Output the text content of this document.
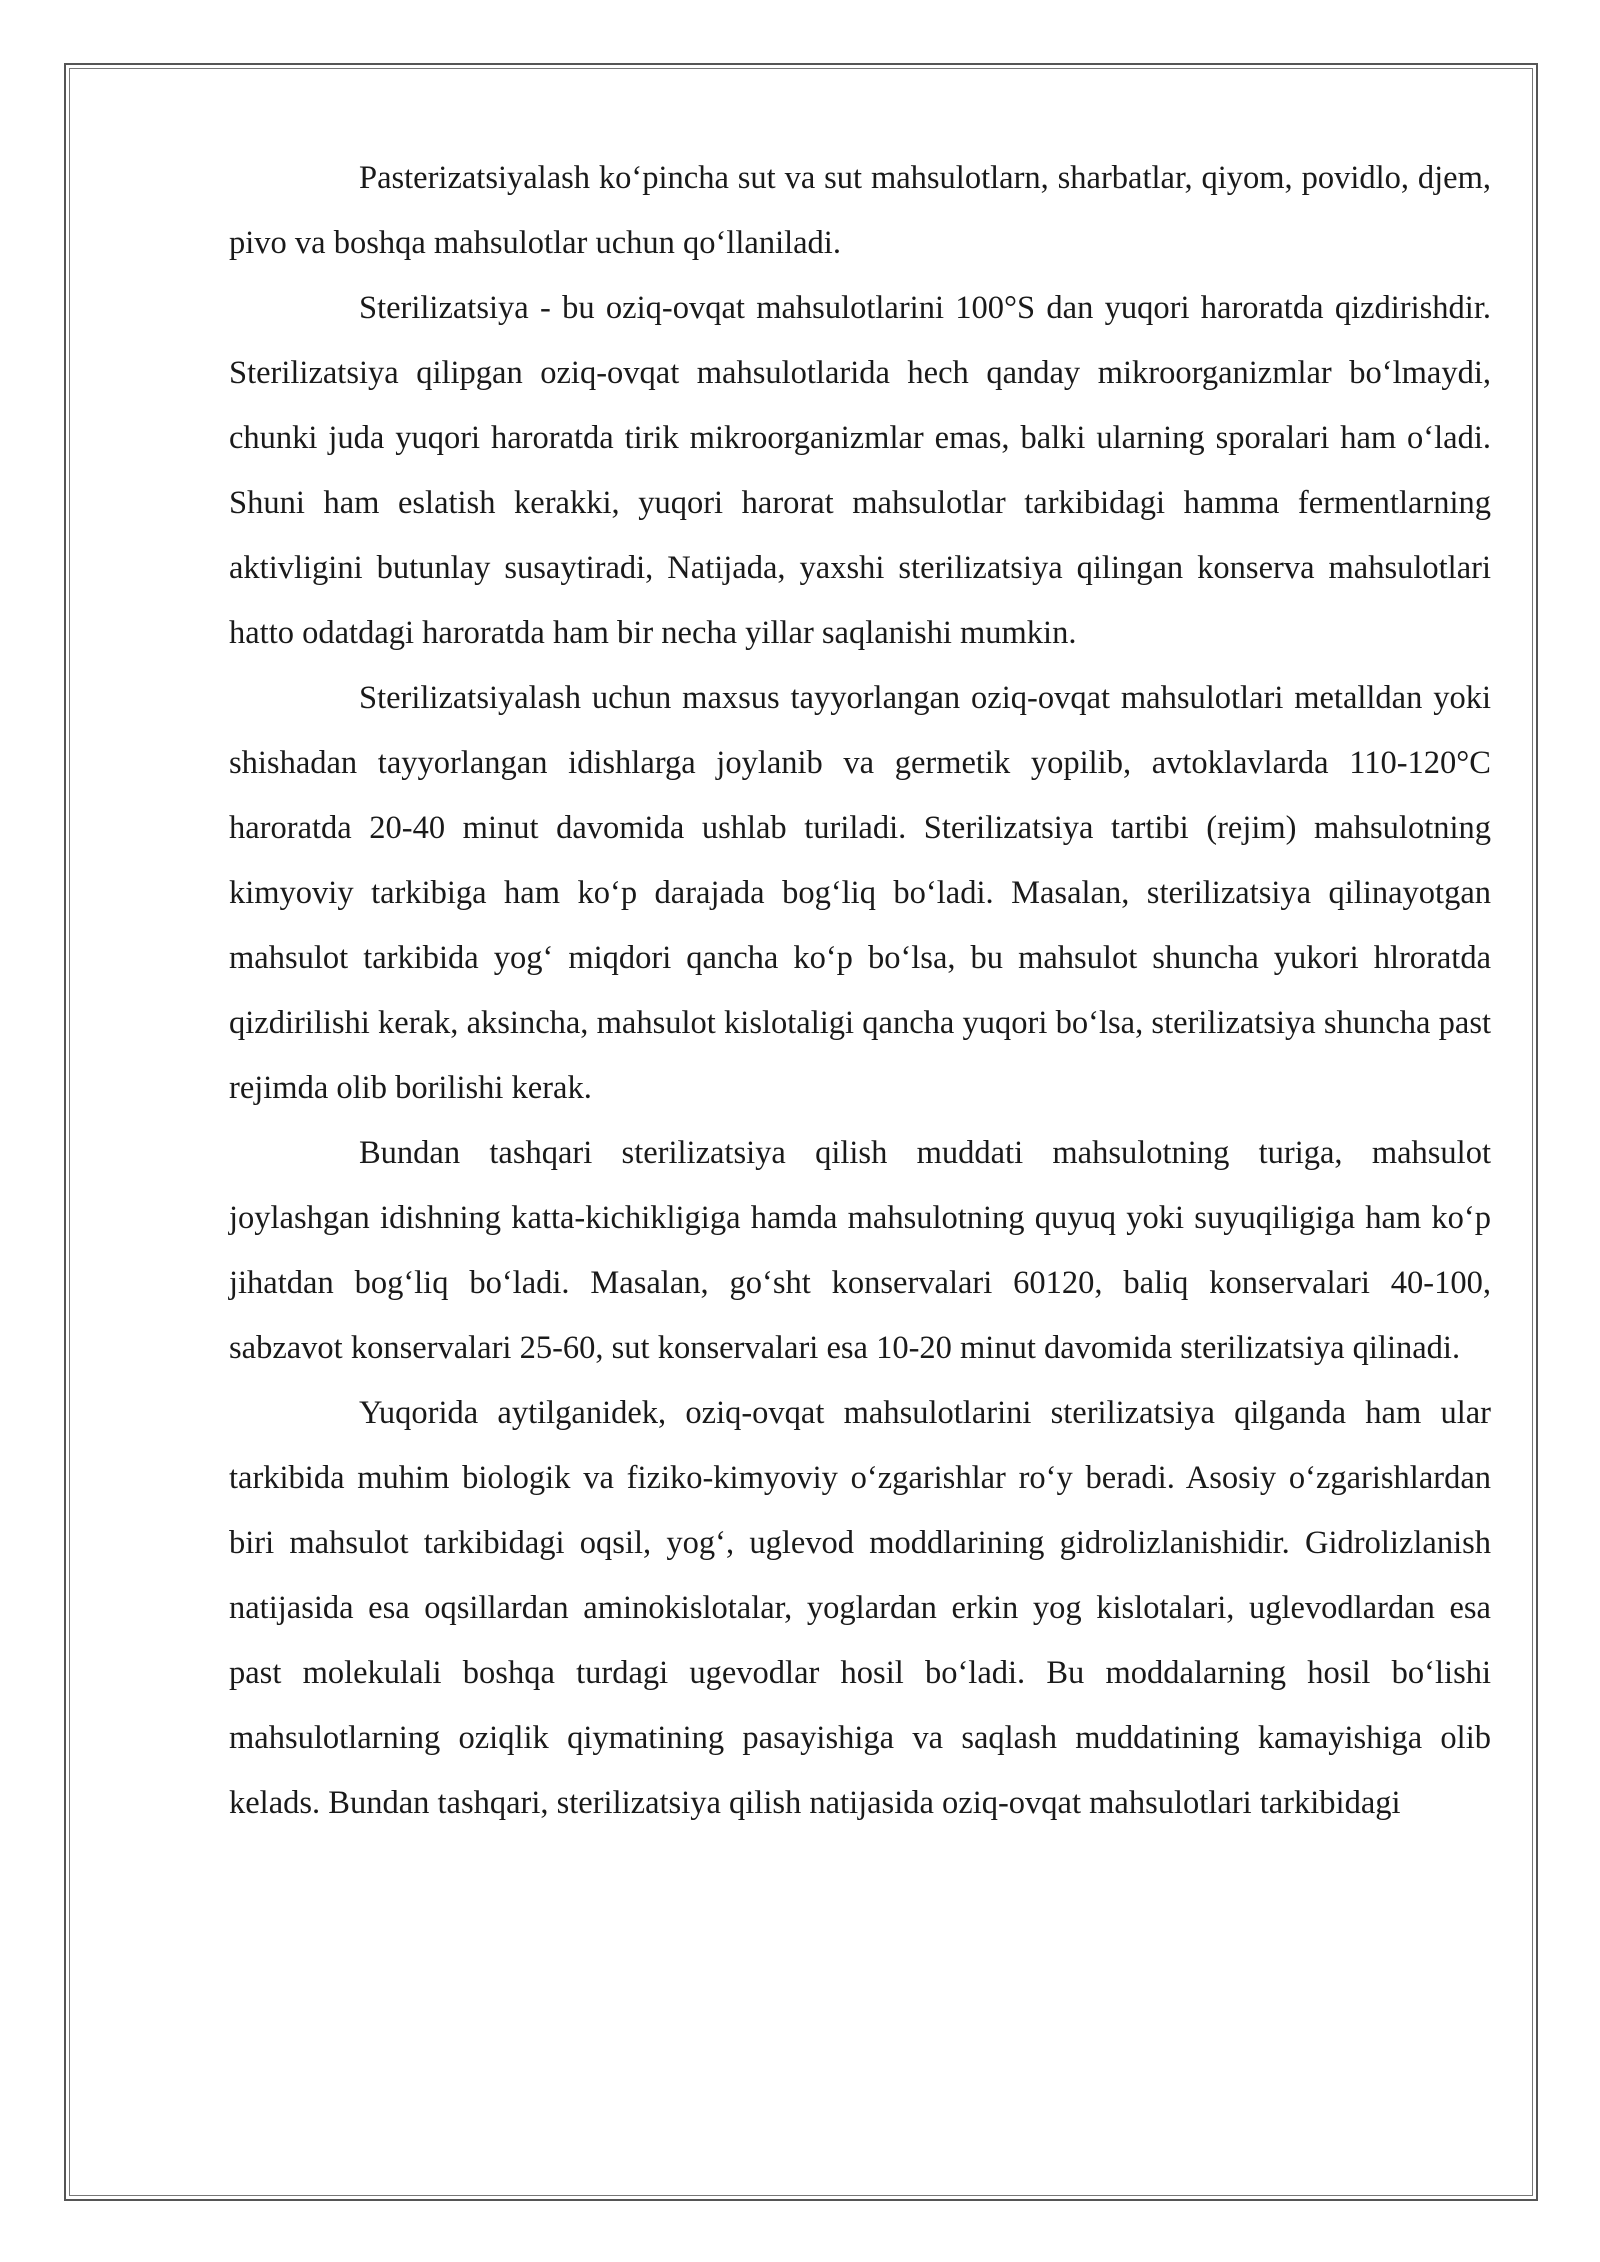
Pasterizatsiyalash ko‘pincha sut va sut mahsulotlarn, sharbatlar, qiyom, povidlo, djem, pivo va boshqa mahsulotlar uchun qo‘llaniladi.

Sterilizatsiya - bu oziq-ovqat mahsulotlarini 100°S dan yuqori haroratda qizdirishdir. Sterilizatsiya qilipgan oziq-ovqat mahsulotlarida hech qanday mikroorganizmlar bo‘lmaydi, chunki juda yuqori haroratda tirik mikroorganizmlar emas, balki ularning sporalari ham o‘ladi. Shuni ham eslatish kerakki, yuqori harorat mahsulotlar tarkibidagi hamma fermentlarning aktivligini butunlay susaytiradi, Natijada, yaxshi sterilizatsiya qilingan konserva mahsulotlari hatto odatdagi haroratda ham bir necha yillar saqlanishi mumkin.

Sterilizatsiyalash uchun maxsus tayyorlangan oziq-ovqat mahsulotlari metalldan yoki shishadan tayyorlangan idishlarga joylanib va germetik yopilib, avtoklavlarda 110-120°C haroratda 20-40 minut davomida ushlab turiladi. Sterilizatsiya tartibi (rejim) mahsulotning kimyoviy tarkibiga ham ko‘p darajada bog‘liq bo‘ladi. Masalan, sterilizatsiya qilinayotgan mahsulot tarkibida yog‘ miqdori qancha ko‘p bo‘lsa, bu mahsulot shuncha yukori hlroratda qizdirilishi kerak, aksincha, mahsulot kislotaligi qancha yuqori bo‘lsa, sterilizatsiya shuncha past rejimda olib borilishi kerak.

Bundan tashqari sterilizatsiya qilish muddati mahsulotning turiga, mahsulot joylashgan idishning katta-kichikligiga hamda mahsulotning quyuq yoki suyuqiligiga ham ko‘p jihatdan bog‘liq bo‘ladi. Masalan, go‘sht konservalari 60120, baliq konservalari 40-100, sabzavot konservalari 25-60, sut konservalari esa 10-20 minut davomida sterilizatsiya qilinadi.

Yuqorida aytilganidek, oziq-ovqat mahsulotlarini sterilizatsiya qilganda ham ular tarkibida muhim biologik va fiziko-kimyoviy o‘zgarishlar ro‘y beradi. Asosiy o‘zgarishlardan biri mahsulot tarkibidagi oqsil, yog‘, uglevod moddlarining gidrolizlanishidir. Gidrolizlanish natijasida esa oqsillardan aminokislotalar, yoglardan erkin yog kislotalari, uglevodlardan esa past molekulali boshqa turdagi ugevodlar hosil bo‘ladi. Bu moddalarning hosil bo‘lishi mahsulotlarning oziqlik qiymatining pasayishiga va saqlash muddatining kamayishiga olib kelads. Bundan tashqari, sterilizatsiya qilish natijasida oziq-ovqat mahsulotlari tarkibidagi
